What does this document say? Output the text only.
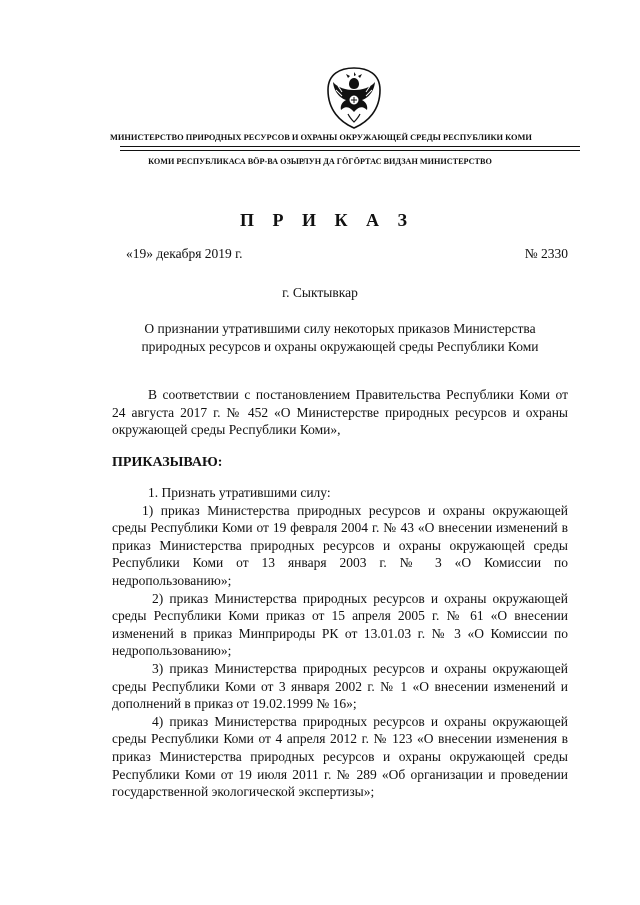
МИНИСТЕРСТВО ПРИРОДНЫХ РЕСУРСОВ И ОХРАНЫ ОКРУЖАЮЩЕЙ СРЕДЫ РЕСПУБЛИКИ КОМИ
КОМИ РЕСПУБЛИКАСА ВӦР-ВА ОЗЫРЛУН ДА ГӦГӦРТАС ВИДЗАН МИНИСТЕРСТВО
П Р И К А З
«19» декабря 2019 г.	№ 2330
г. Сыктывкар
О признании утратившими силу некоторых приказов Министерства природных ресурсов и охраны окружающей среды Республики Коми
В соответствии с постановлением Правительства Республики Коми от 24 августа 2017 г. № 452 «О Министерстве природных ресурсов и охраны окружающей среды Республики Коми»,
ПРИКАЗЫВАЮ:

1. Признать утратившими силу:

1) приказ Министерства природных ресурсов и охраны окружающей среды Республики Коми от 19 февраля 2004 г. № 43 «О внесении изменений в приказ Министерства природных ресурсов и охраны окружающей среды Республики Коми от 13 января 2003 г. № 3 «О Комиссии по недропользованию»;

2) приказ Министерства природных ресурсов и охраны окружающей среды Республики Коми приказ от 15 апреля 2005 г. № 61 «О внесении изменений в приказ Минприроды РК от 13.01.03 г. № 3 «О Комиссии по недропользованию»;

3) приказ Министерства природных ресурсов и охраны окружающей среды Республики Коми от 3 января 2002 г. № 1 «О внесении изменений и дополнений в приказ от 19.02.1999 № 16»;

4) приказ Министерства природных ресурсов и охраны окружающей среды Республики Коми от 4 апреля 2012 г. № 123 «О внесении изменения в приказ Министерства природных ресурсов и охраны окружающей среды Республики Коми от 19 июля 2011 г. № 289 «Об организации и проведении государственной экологической экспертизы»;
